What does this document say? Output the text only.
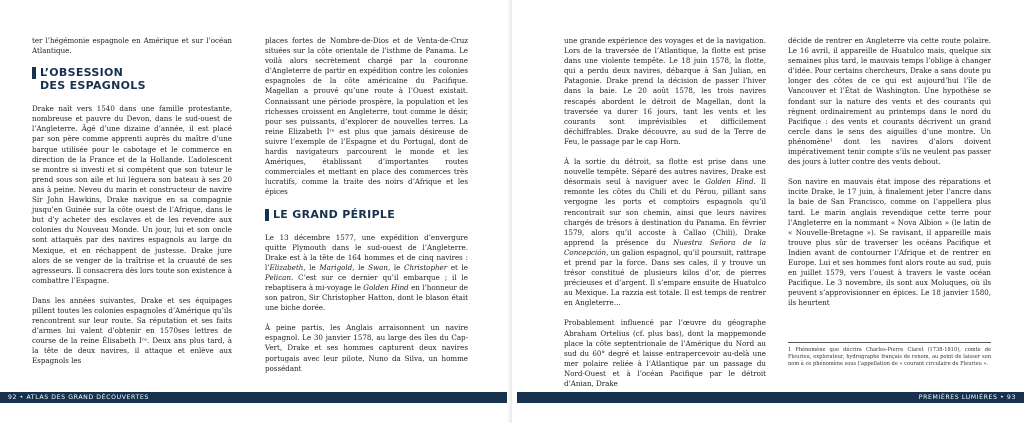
ter l’hégémonie espagnole en Amérique et sur l’océan Atlantique.

L’OBSESSION
DES ESPAGNOLS

Drake naît vers 1540 dans une famille protestante, nombreuse et pauvre du Devon, dans le sud-ouest de l’Angleterre. Âgé d’une dizaine d’année, il est placé par son père comme apprenti auprès du maître d’une barque utilisée pour le cabotage et le commerce en direction de la France et de la Hollande. L’adolescent se montre si investi et si compétent que son tuteur le prend sous son aile et lui lèguera son bateau à ses 20 ans à peine. Neveu du marin et constructeur de navire Sir John Hawkins, Drake navigue en sa compagnie jusqu’en Guinée sur la côte ouest de l’Afrique, dans le but d’y acheter des esclaves et de les revendre aux colonies du Nouveau Monde. Un jour, lui et son oncle sont attaqués par des navires espagnols au large du Mexique, et en réchappent de justesse. Drake jure alors de se venger de la traîtrise et la cruauté de ses agresseurs. Il consacrera dès lors toute son existence à combattre l’Espagne.

Dans les années suivantes, Drake et ses équipages pillent toutes les colonies espagnoles d’Amérique qu’ils rencontrent sur leur route. Sa réputation et ses faits d’armes lui valent d’obtenir en 1570ses lettres de course de la reine Élisabeth Iʳᵉ. Deux ans plus tard, à la tête de deux navires, il attaque et enlève aux Espagnols les

places fortes de Nombre-de-Dios et de Venta-de-Cruz situées sur la côte orientale de l’isthme de Panama. Le voilà alors secrètement chargé par la couronne d’Angleterre de partir en expédition contre les colonies espagnoles de la côte américaine du Pacifique. Magellan a prouvé qu’une route à l’Ouest existait. Connaissant une période prospère, la population et les richesses croissent en Angleterre, tout comme le désir, pour ses puissants, d’explorer de nouvelles terres. La reine Elizabeth Iʳᵉ est plus que jamais désireuse de suivre l’exemple de l’Espagne et du Portugal, dont de hardis navigateurs parcourent le monde et les Amériques, établissant d’importantes routes commerciales et mettant en place des commerces très lucratifs, comme la traite des noirs d’Afrique et les épices

LE GRAND PÉRIPLE

Le 13 décembre 1577, une expédition d’envergure quitte Plymouth dans le sud-ouest de l’Angleterre. Drake est à la tête de 164 hommes et de cinq navires : l’Elizabeth, le Marigold, le Swan, le Christopher et le Pelican. C’est sur ce dernier qu’il embarque ; il le rebaptisera à mi-voyage le Golden Hind en l’honneur de son patron, Sir Christopher Hatton, dont le blason était une biche dorée.

À peine partis, les Anglais arraisonnent un navire espagnol. Le 30 janvier 1578, au large des îles du Cap-Vert, Drake et ses hommes capturent deux navires portugais avec leur pilote, Nuno da Silva, un homme possédant

une grande expérience des voyages et de la navigation. Lors de la traversée de l’Atlantique, la flotte est prise dans une violente tempête. Le 18 juin 1578, la flotte, qui a perdu deux navires, débarque à San Julian, en Patagonie. Drake prend la décision de passer l’hiver dans la baie. Le 20 août 1578, les trois navires rescapés abordent le détroit de Magellan, dont la traversée va durer 16 jours, tant les vents et les courants sont imprévisibles et difficilement déchiffrables. Drake découvre, au sud de la Terre de Feu, le passage par le cap Horn.

À la sortie du détroit, sa flotte est prise dans une nouvelle tempête. Séparé des autres navires, Drake est désormais seul à naviguer avec le Golden Hind. Il remonte les côtes du Chili et du Pérou, pillant sans vergogne les ports et comptoirs espagnols qu’il rencontrait sur son chemin, ainsi que leurs navires chargés de trésors à destination du Panama. En février 1579, alors qu’il accoste à Callao (Chili), Drake apprend la présence du Nuestra Señora de la Concepción, un galion espagnol, qu’il poursuit, rattrape et prend par la force. Dans ses cales, il y trouve un trésor constitué de plusieurs kilos d’or, de pierres précieuses et d’argent. Il s’empare ensuite de Huatulco au Mexique. La razzia est totale. Il est temps de rentrer en Angleterre…

Probablement influencé par l’œuvre du géographe Abraham Ortelius (cf. plus bas), dont la mappemonde place la côte septentrionale de l’Amérique du Nord au sud du 60° degré et laisse entrapercevoir au-delà une mer polaire reliée à l’Atlantique par un passage du Nord-Ouest et à l’océan Pacifique par le détroit d’Anian, Drake

décide de rentrer en Angleterre via cette route polaire. Le 16 avril, il appareille de Huatulco mais, quelque six semaines plus tard, le mauvais temps l’oblige à changer d’idée. Pour certains chercheurs, Drake a sans doute pu longer des côtes de ce qui est aujourd’hui l’île de Vancouver et l’État de Washington. Une hypothèse se fondant sur la nature des vents et des courants qui règnent ordinairement au printemps dans le nord du Pacifique : des vents et courants décrivent un grand cercle dans le sens des aiguilles d’une montre. Un phénomène¹ dont les navires d’alors doivent impérativement tenir compte s’ils ne veulent pas passer des jours à lutter contre des vents debout.

Son navire en mauvais état impose des réparations et incite Drake, le 17 juin, à finalement jeter l’ancre dans la baie de San Francisco, comme on l’appellera plus tard. Le marin anglais revendique cette terre pour l’Angleterre en la nommant « Nova Albion » (le latin de « Nouvelle-Bretagne »). Se ravisant, il appareille mais trouve plus sûr de traverser les océans Pacifique et Indien avant de contourner l’Afrique et de rentrer en Europe. Lui et ses hommes font alors route au sud, puis en juillet 1579, vers l’ouest à travers le vaste océan Pacifique. Le 3 novembre, ils sont aux Moluques, où ils peuvent s’approvisionner en épices. Le 18 janvier 1580, ils heurtent

1 Phénomène que décrira Charles-Pierre Claret (1738-1810), comte de Fleurieu, explorateur, hydrographe français de renom, au point de laisser son nom à ce phénomène sous l’appellation de « courant circulaire de Fleurieu ».
92 • ATLAS DES GRAND DÉCOUVERTES	PREMIÈRES LUMIÈRES • 93
